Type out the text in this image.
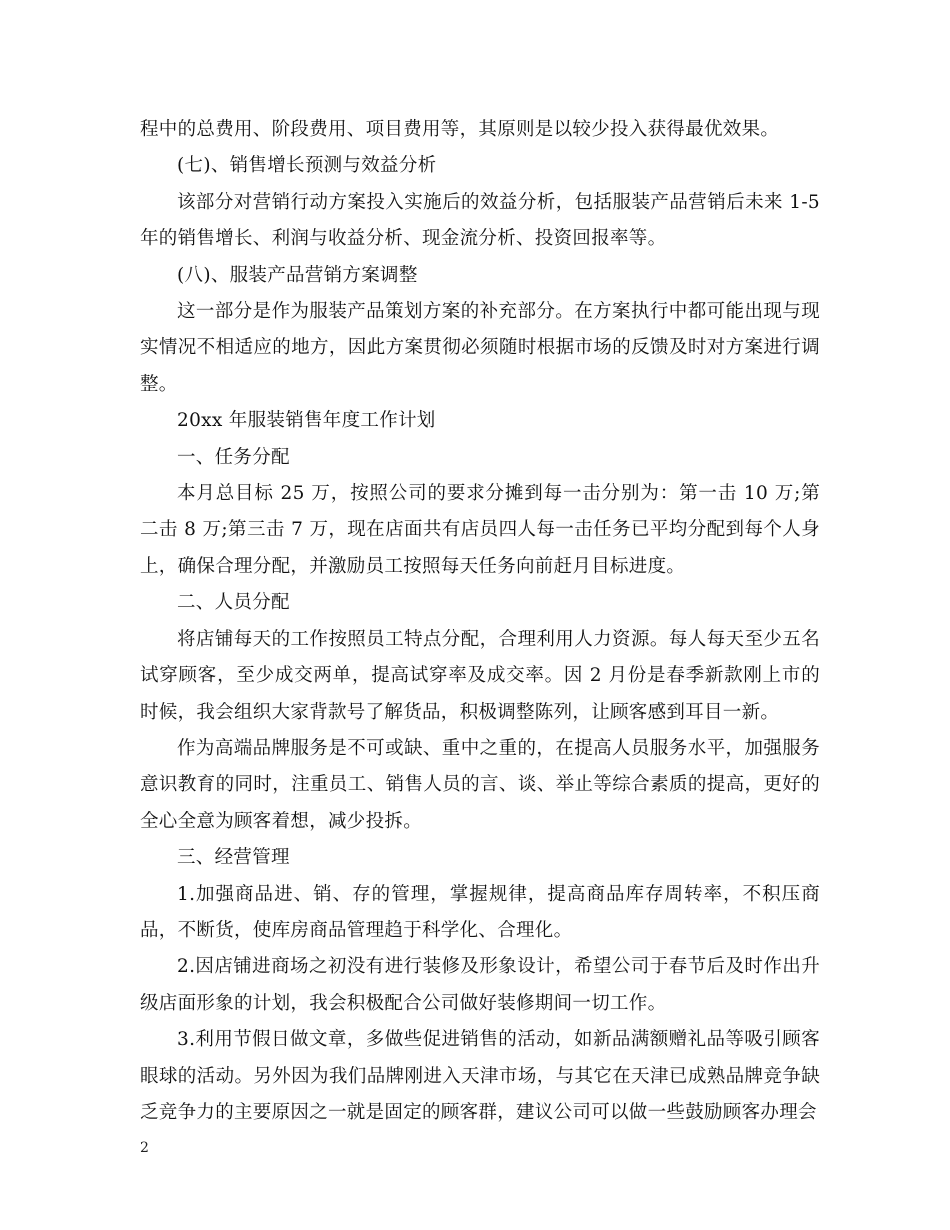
程中的总费用、阶段费用、项目费用等，其原则是以较少投入获得最优效果。

(七)、销售增长预测与效益分析

该部分对营销行动方案投入实施后的效益分析，包括服装产品营销后未来 1-5 年的销售增长、利润与收益分析、现金流分析、投资回报率等。

(八)、服装产品营销方案调整

这一部分是作为服装产品策划方案的补充部分。在方案执行中都可能出现与现实情况不相适应的地方，因此方案贯彻必须随时根据市场的反馈及时对方案进行调整。

20xx 年服装销售年度工作计划

一、任务分配

本月总目标 25 万，按照公司的要求分摊到每一击分别为：第一击 10 万;第二击 8 万;第三击 7 万，现在店面共有店员四人每一击任务已平均分配到每个人身上，确保合理分配，并激励员工按照每天任务向前赶月目标进度。

二、人员分配

将店铺每天的工作按照员工特点分配，合理利用人力资源。每人每天至少五名试穿顾客，至少成交两单，提高试穿率及成交率。因 2 月份是春季新款刚上市的时候，我会组织大家背款号了解货品，积极调整陈列，让顾客感到耳目一新。

作为高端品牌服务是不可或缺、重中之重的，在提高人员服务水平，加强服务意识教育的同时，注重员工、销售人员的言、谈、举止等综合素质的提高，更好的全心全意为顾客着想，减少投拆。

三、经营管理

1.加强商品进、销、存的管理，掌握规律，提高商品库存周转率，不积压商品，不断货，使库房商品管理趋于科学化、合理化。

2.因店铺进商场之初没有进行装修及形象设计，希望公司于春节后及时作出升级店面形象的计划，我会积极配合公司做好装修期间一切工作。

3.利用节假日做文章，多做些促进销售的活动，如新品满额赠礼品等吸引顾客眼球的活动。另外因为我们品牌刚进入天津市场，与其它在天津已成熟品牌竞争缺乏竞争力的主要原因之一就是固定的顾客群，建议公司可以做一些鼓励顾客办理会

2
